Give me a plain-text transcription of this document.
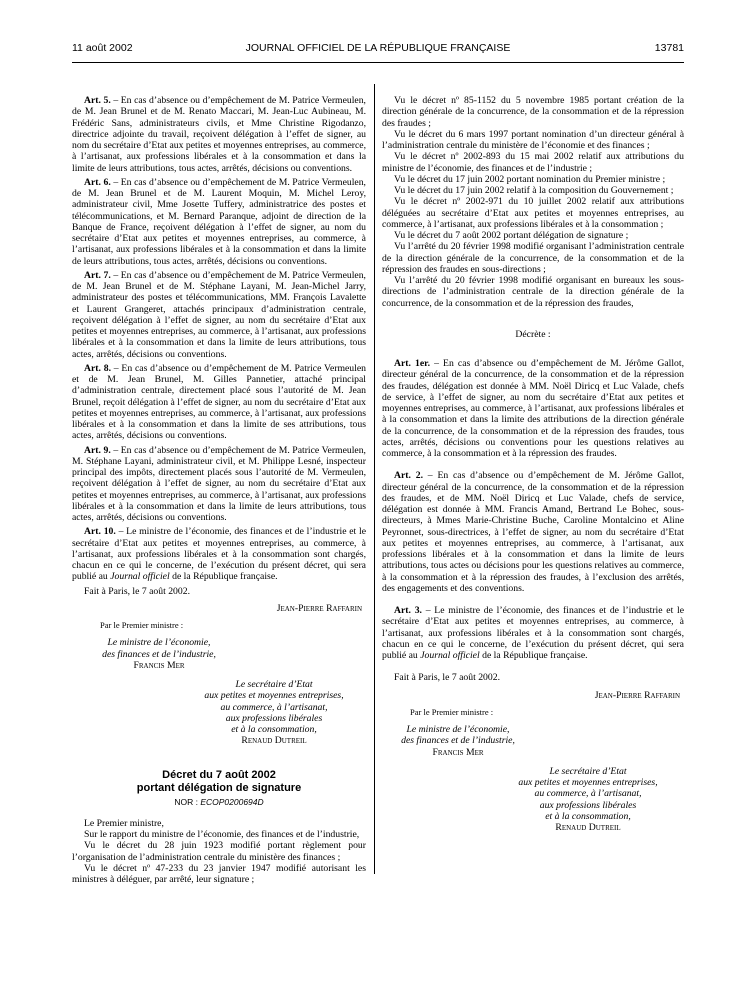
11 août 2002	JOURNAL OFFICIEL DE LA RÉPUBLIQUE FRANÇAISE	13781

Art. 5. – En cas d’absence ou d’empêchement de M. Patrice Vermeulen, de M. Jean Brunel et de M. Renato Maccari, M. Jean-Luc Aubineau, M. Frédéric Sans, administrateurs civils, et Mme Christine Rigodanzo, directrice adjointe du travail, reçoivent délégation à l’effet de signer, au nom du secrétaire d’Etat aux petites et moyennes entreprises, au commerce, à l’artisanat, aux professions libérales et à la consommation et dans la limite de leurs attributions, tous actes, arrêtés, décisions ou conventions.

Art. 6. – En cas d’absence ou d’empêchement de M. Patrice Vermeulen, de M. Jean Brunel et de M. Laurent Moquin, M. Michel Leroy, administrateur civil, Mme Josette Tuffery, administratrice des postes et télécommunications, et M. Bernard Paranque, adjoint de direction de la Banque de France, reçoivent délégation à l’effet de signer, au nom du secrétaire d’Etat aux petites et moyennes entreprises, au commerce, à l’artisanat, aux professions libérales et à la consommation et dans la limite de leurs attributions, tous actes, arrêtés, décisions ou conventions.

Art. 7. – En cas d’absence ou d’empêchement de M. Patrice Vermeulen, de M. Jean Brunel et de M. Stéphane Layani, M. Jean-Michel Jarry, administrateur des postes et télécommunications, MM. François Lavalette et Laurent Grangeret, attachés principaux d’administration centrale, reçoivent délégation à l’effet de signer, au nom du secrétaire d’Etat aux petites et moyennes entreprises, au commerce, à l’artisanat, aux professions libérales et à la consommation et dans la limite de leurs attributions, tous actes, arrêtés, décisions ou conventions.

Art. 8. – En cas d’absence ou d’empêchement de M. Patrice Vermeulen et de M. Jean Brunel, M. Gilles Pannetier, attaché principal d’administration centrale, directement placé sous l’autorité de M. Jean Brunel, reçoit délégation à l’effet de signer, au nom du secrétaire d’Etat aux petites et moyennes entreprises, au commerce, à l’artisanat, aux professions libérales et à la consommation et dans la limite de ses attributions, tous actes, arrêtés, décisions ou conventions.

Art. 9. – En cas d’absence ou d’empêchement de M. Patrice Vermeulen, M. Stéphane Layani, administrateur civil, et M. Philippe Lesné, inspecteur principal des impôts, directement placés sous l’autorité de M. Vermeulen, reçoivent délégation à l’effet de signer, au nom du secrétaire d’Etat aux petites et moyennes entreprises, au commerce, à l’artisanat, aux professions libérales et à la consommation et dans la limite de leurs attributions, tous actes, arrêtés, décisions ou conventions.

Art. 10. – Le ministre de l’économie, des finances et de l’industrie et le secrétaire d’Etat aux petites et moyennes entreprises, au commerce, à l’artisanat, aux professions libérales et à la consommation sont chargés, chacun en ce qui le concerne, de l’exécution du présent décret, qui sera publié au Journal officiel de la République française.

Fait à Paris, le 7 août 2002.

Jean-Pierre Raffarin
Par le Premier ministre :
Le ministre de l’économie,
des finances et de l’industrie,
Francis Mer
Le secrétaire d’Etat
aux petites et moyennes entreprises,
au commerce, à l’artisanat,
aux professions libérales
et à la consommation,
Renaud Dutreil
Décret du 7 août 2002
portant délégation de signature
NOR : ECOP0200694D

Le Premier ministre,

Sur le rapport du ministre de l’économie, des finances et de l’industrie,

Vu le décret du 28 juin 1923 modifié portant règlement pour l’organisation de l’administration centrale du ministère des finances ;

Vu le décret nº 47-233 du 23 janvier 1947 modifié autorisant les ministres à déléguer, par arrêté, leur signature ;

Vu le décret nº 85-1152 du 5 novembre 1985 portant création de la direction générale de la concurrence, de la consommation et de la répression des fraudes ;

Vu le décret du 6 mars 1997 portant nomination d’un directeur général à l’administration centrale du ministère de l’économie et des finances ;

Vu le décret nº 2002-893 du 15 mai 2002 relatif aux attributions du ministre de l’économie, des finances et de l’industrie ;

Vu le décret du 17 juin 2002 portant nomination du Premier ministre ;

Vu le décret du 17 juin 2002 relatif à la composition du Gouvernement ;

Vu le décret nº 2002-971 du 10 juillet 2002 relatif aux attributions déléguées au secrétaire d’Etat aux petites et moyennes entreprises, au commerce, à l’artisanat, aux professions libérales et à la consommation ;

Vu le décret du 7 août 2002 portant délégation de signature ;

Vu l’arrêté du 20 février 1998 modifié organisant l’administration centrale de la direction générale de la concurrence, de la consommation et de la répression des fraudes en sous-directions ;

Vu l’arrêté du 20 février 1998 modifié organisant en bureaux les sous-directions de l’administration centrale de la direction générale de la concurrence, de la consommation et de la répression des fraudes,

Décrète :

Art. 1er. – En cas d’absence ou d’empêchement de M. Jérôme Gallot, directeur général de la concurrence, de la consommation et de la répression des fraudes, délégation est donnée à MM. Noël Diricq et Luc Valade, chefs de service, à l’effet de signer, au nom du secrétaire d’Etat aux petites et moyennes entreprises, au commerce, à l’artisanat, aux professions libérales et à la consommation et dans la limite des attributions de la direction générale de la concurrence, de la consommation et de la répression des fraudes, tous actes, arrêtés, décisions ou conventions pour les questions relatives au commerce, à la consommation et à la répression des fraudes.

Art. 2. – En cas d’absence ou d’empêchement de M. Jérôme Gallot, directeur général de la concurrence, de la consommation et de la répression des fraudes, et de MM. Noël Diricq et Luc Valade, chefs de service, délégation est donnée à MM. Francis Amand, Bertrand Le Bohec, sous-directeurs, à Mmes Marie-Christine Buche, Caroline Montalcino et Aline Peyronnet, sous-directrices, à l’effet de signer, au nom du secrétaire d’Etat aux petites et moyennes entreprises, au commerce, à l’artisanat, aux professions libérales et à la consommation et dans la limite de leurs attributions, tous actes ou décisions pour les questions relatives au commerce, à la consommation et à la répression des fraudes, à l’exclusion des arrêtés, des engagements et des conventions.

Art. 3. – Le ministre de l’économie, des finances et de l’industrie et le secrétaire d’Etat aux petites et moyennes entreprises, au commerce, à l’artisanat, aux professions libérales et à la consommation sont chargés, chacun en ce qui le concerne, de l’exécution du présent décret, qui sera publié au Journal officiel de la République française.

Fait à Paris, le 7 août 2002.

Jean-Pierre Raffarin
Par le Premier ministre :
Le ministre de l’économie,
des finances et de l’industrie,
Francis Mer
Le secrétaire d’Etat
aux petites et moyennes entreprises,
au commerce, à l’artisanat,
aux professions libérales
et à la consommation,
Renaud Dutreil
